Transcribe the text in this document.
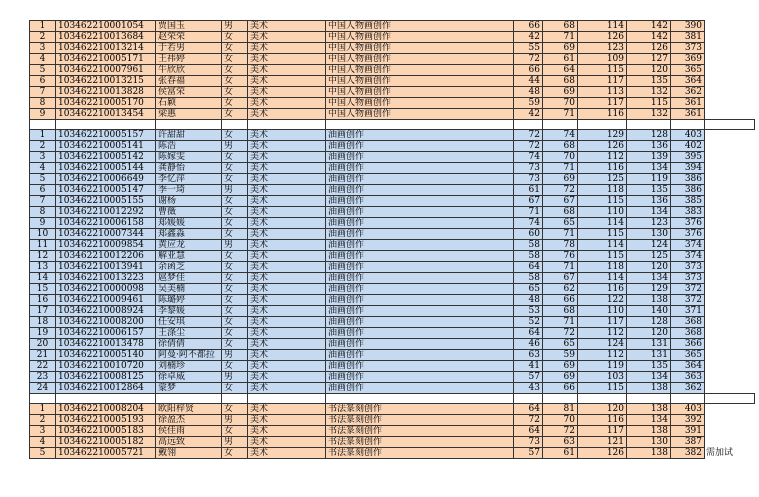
1	103462210001054	贾国玉	男	美术	中国人物画创作	66	68	114	142	390	
2	103462210013684	赵荣荣	女	美术	中国人物画创作	42	71	126	142	381	
3	103462210013214	于若男	女	美术	中国人物画创作	55	69	123	126	373	
4	103462210005171	王祎婷	女	美术	中国人物画创作	72	61	109	127	369	
5	103462210007961	牛欣欣	女	美术	中国人物画创作	66	64	115	120	365	
6	103462210013215	张春福	女	美术	中国人物画创作	44	68	117	135	364	
7	103462210013828	侯富荣	女	美术	中国人物画创作	48	69	113	132	362	
8	103462210005170	石颖	女	美术	中国人物画创作	59	70	117	115	361	
9	103462210013454	梁惠	女	美术	中国人物画创作	42	71	116	132	361	

1	103462210005157	许甜甜	女	美术	油画创作	72	74	129	128	403	
2	103462210005141	陈浩	男	美术	油画创作	72	68	126	136	402	
3	103462210005142	陈嫁雯	女	美术	油画创作	74	70	112	139	395	
4	103462210005144	龚静怡	女	美术	油画创作	73	71	116	134	394	
5	103462210006649	李忆萍	女	美术	油画创作	73	69	125	119	386	
6	103462210005147	季一琦	男	美术	油画创作	61	72	118	135	386	
7	103462210005155	谢杨	女	美术	油画创作	67	67	115	136	385	
8	103462210012292	曹薇	女	美术	油画创作	71	68	110	134	383	
9	103462210006158	郑媛媛	女	美术	油画创作	74	65	114	123	376	
10	103462210007344	郑鑫淼	女	美术	油画创作	60	71	115	130	376	
11	103462210009854	黄应龙	男	美术	油画创作	58	78	114	124	374	
12	103462210012206	解亚慧	女	美术	油画创作	58	76	115	125	374	
13	103462210013941	余函芝	女	美术	油画创作	64	71	118	120	373	
14	103462210013223	扈梦佳	女	美术	油画创作	58	67	114	134	373	
15	103462210000098	吴美楠	女	美术	油画创作	65	62	116	129	372	
16	103462210009461	陈璐婷	女	美术	油画创作	48	66	122	138	372	
17	103462210008924	李黎媛	女	美术	油画创作	53	68	110	140	371	
18	103462210008200	任安琪	女	美术	油画创作	52	71	117	128	368	
19	103462210006157	王涤尘	女	美术	油画创作	64	72	112	120	368	
20	103462210013478	徐倩倩	女	美术	油画创作	46	65	124	131	366	
21	103462210005140	阿曼·阿不都拉	男	美术	油画创作	63	59	112	131	365	
22	103462210010720	刘楠珍	女	美术	油画创作	41	69	119	135	364	
23	103462210008125	徐卓威	男	美术	油画创作	57	69	103	134	363	
24	103462210012864	蒙梦	女	美术	油画创作	43	66	115	138	362	

1	103462210008204	欧阳梓贤	女	美术	书法篆刻创作	64	81	120	138	403	
2	103462210005193	徐盈杰	男	美术	书法篆刻创作	72	70	116	134	392	
3	103462210005183	侯佳雨	女	美术	书法篆刻创作	64	72	117	138	391	
4	103462210005182	高远致	男	美术	书法篆刻创作	73	63	121	130	387	
5	103462210005721	戴翎	女	美术	书法篆刻创作	57	61	126	138	382	需加试
